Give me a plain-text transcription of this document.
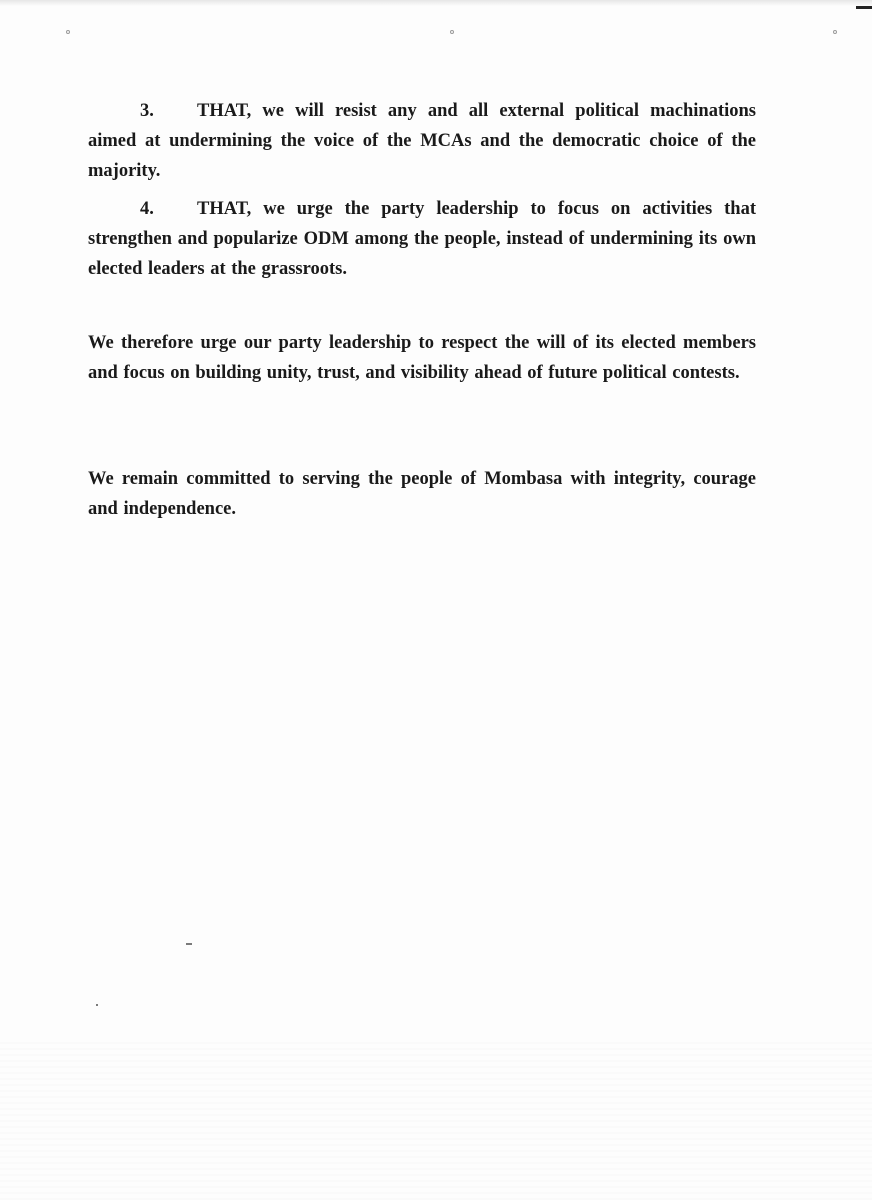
3. THAT, we will resist any and all external political machinations aimed at undermining the voice of the MCAs and the democratic choice of the majority.

4. THAT, we urge the party leadership to focus on activities that strengthen and popularize ODM among the people, instead of undermining its own elected leaders at the grassroots.

We therefore urge our party leadership to respect the will of its elected members and focus on building unity, trust, and visibility ahead of future political contests.

We remain committed to serving the people of Mombasa with integrity, courage and independence.
